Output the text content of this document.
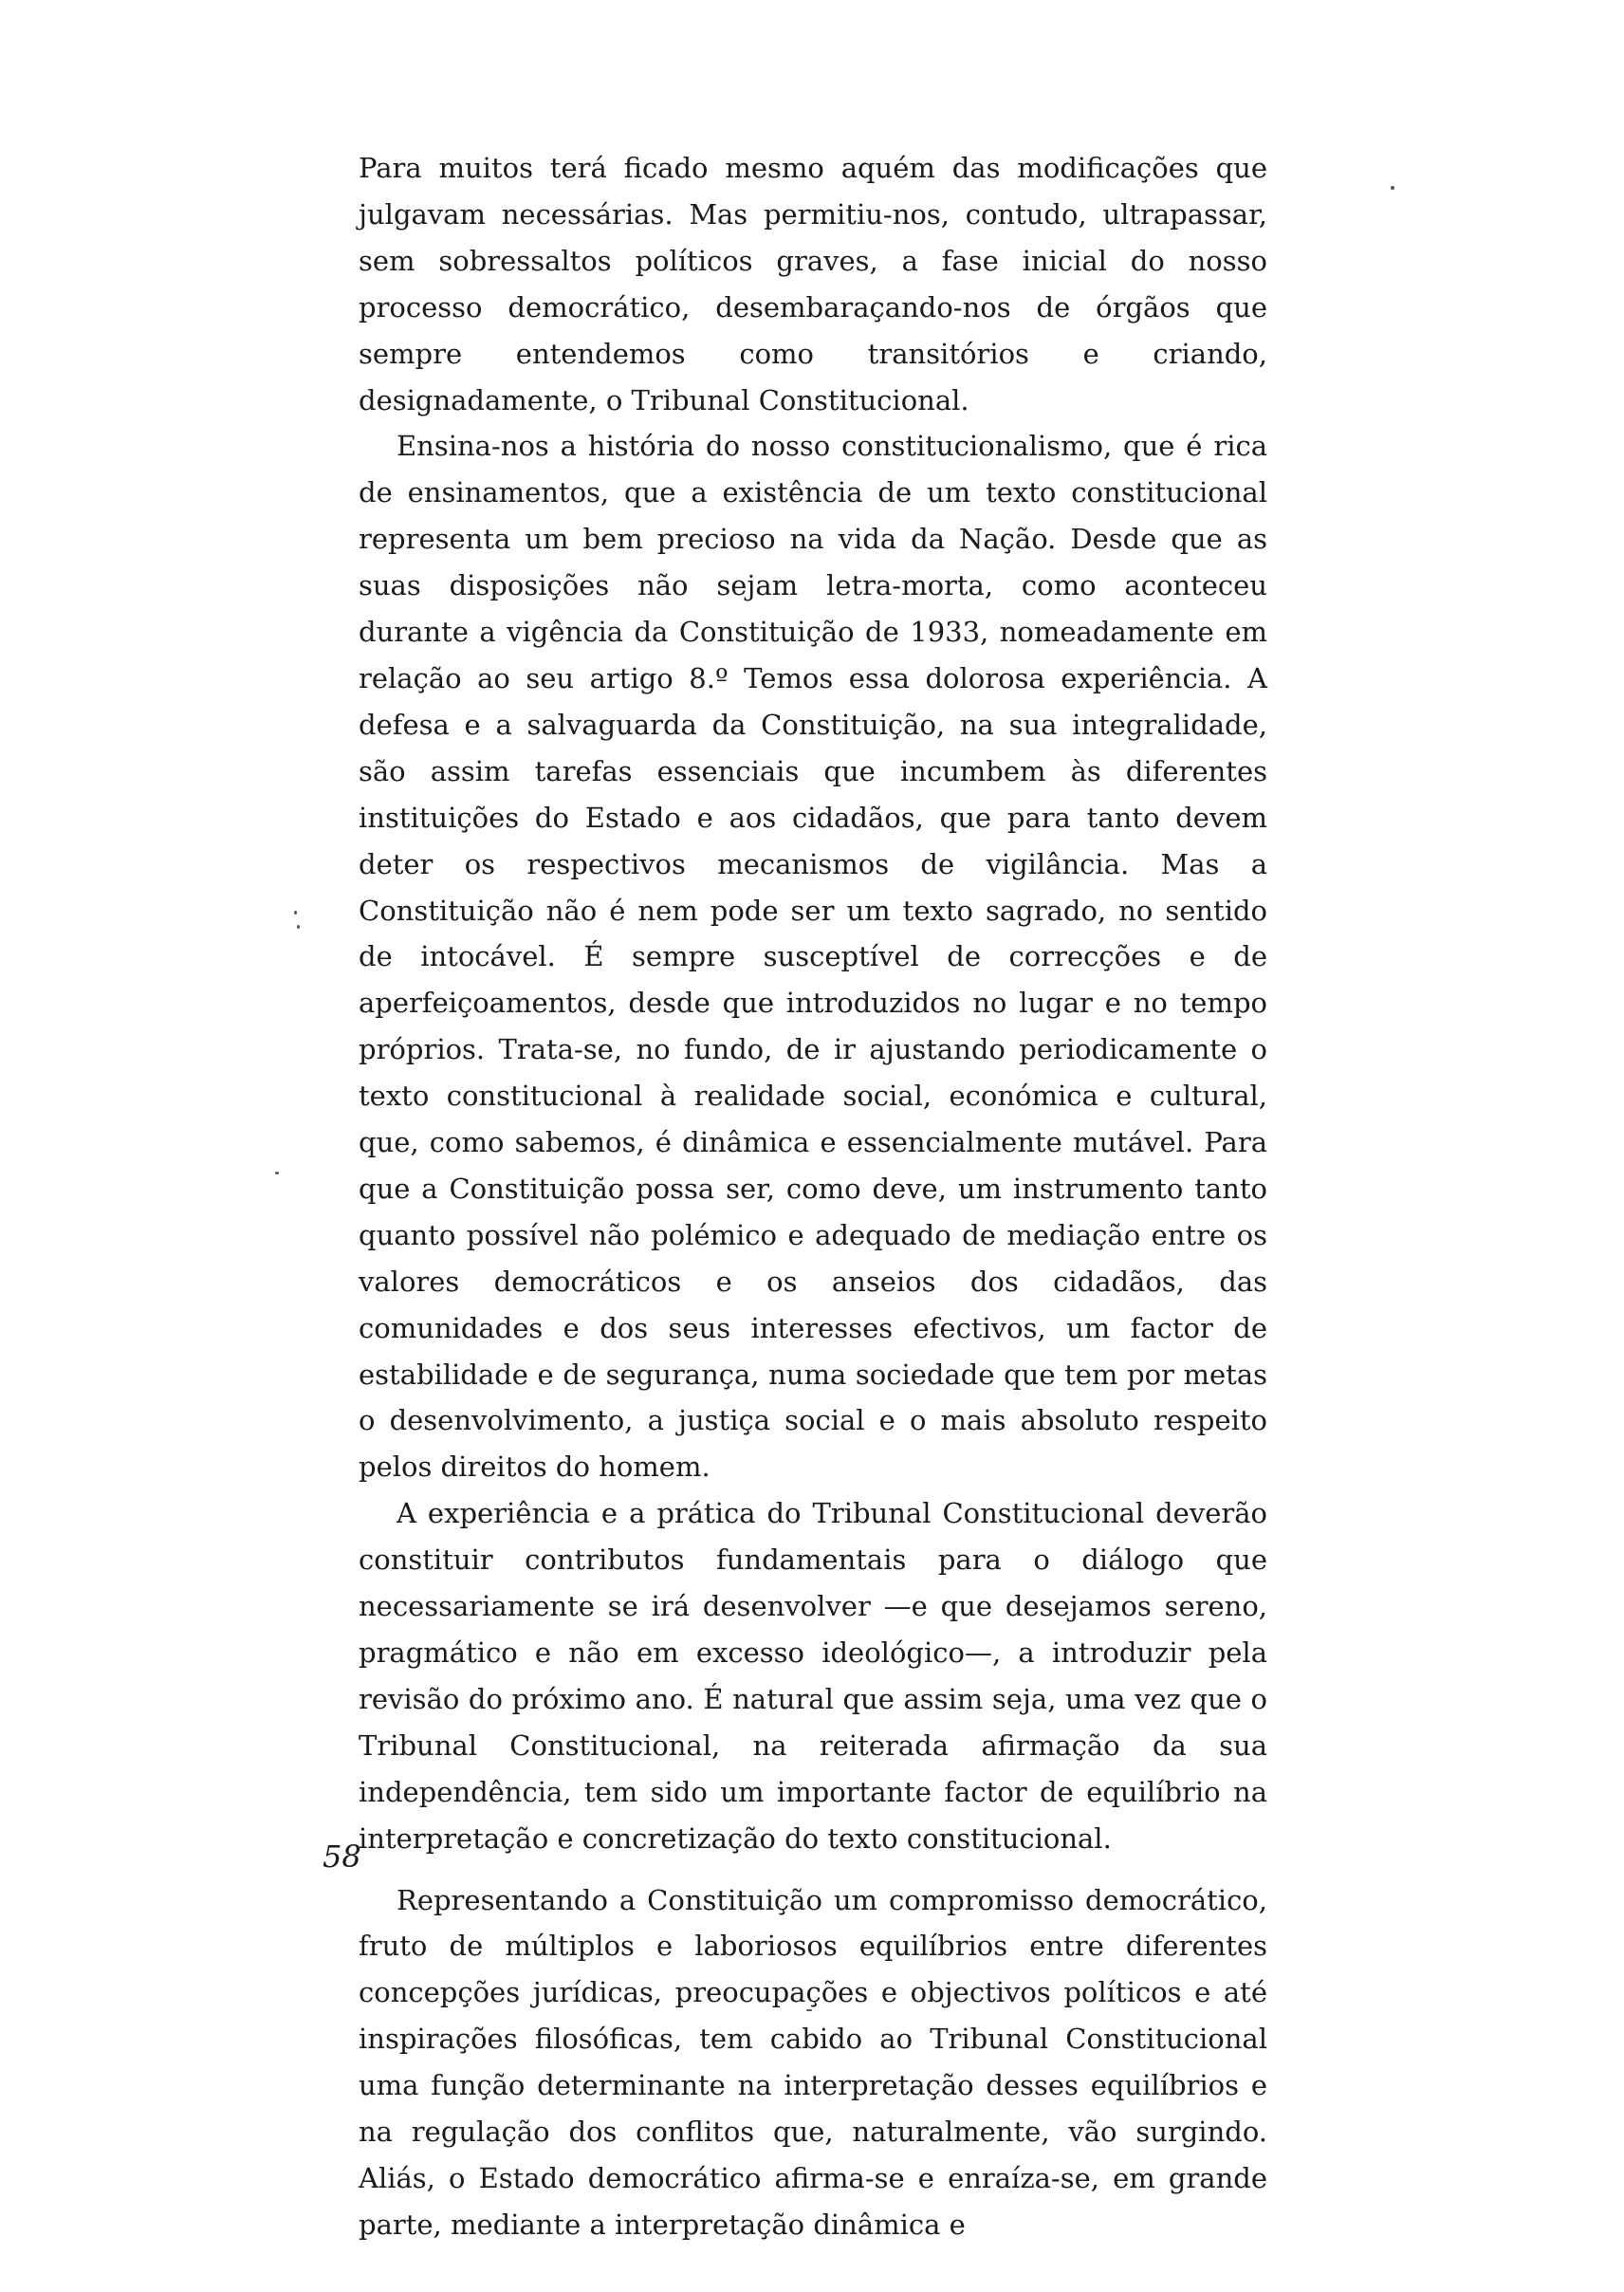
Para muitos terá ficado mesmo aquém das modificações que julgavam necessárias. Mas permitiu-nos, contudo, ultrapassar, sem sobressaltos políticos graves, a fase inicial do nosso processo democrático, desembaraçando-nos de órgãos que sempre entendemos como transitórios e criando, designadamente, o Tribunal Constitucional.

Ensina-nos a história do nosso constitucionalismo, que é rica de ensinamentos, que a existência de um texto constitucional representa um bem precioso na vida da Nação. Desde que as suas disposições não sejam letra-morta, como aconteceu durante a vigência da Constituição de 1933, nomeadamente em relação ao seu artigo 8.º Temos essa dolorosa experiência. A defesa e a salvaguarda da Constituição, na sua integralidade, são assim tarefas essenciais que incumbem às diferentes instituições do Estado e aos cidadãos, que para tanto devem deter os respectivos mecanismos de vigilância. Mas a Constituição não é nem pode ser um texto sagrado, no sentido de intocável. É sempre susceptível de correcções e de aperfeiçoamentos, desde que introduzidos no lugar e no tempo próprios. Trata-se, no fundo, de ir ajustando periodicamente o texto constitucional à realidade social, económica e cultural, que, como sabemos, é dinâmica e essencialmente mutável. Para que a Constituição possa ser, como deve, um instrumento tanto quanto possível não polémico e adequado de mediação entre os valores democráticos e os anseios dos cidadãos, das comunidades e dos seus interesses efectivos, um factor de estabilidade e de segurança, numa sociedade que tem por metas o desenvolvimento, a justiça social e o mais absoluto respeito pelos direitos do homem.

A experiência e a prática do Tribunal Constitucional deverão constituir contributos fundamentais para o diálogo que necessariamente se irá desenvolver —e que desejamos sereno, pragmático e não em excesso ideológico—, a introduzir pela revisão do próximo ano. É natural que assim seja, uma vez que o Tribunal Constitucional, na reiterada afirmação da sua independência, tem sido um importante factor de equilíbrio na interpretação e concretização do texto constitucional.

Representando a Constituição um compromisso democrático, fruto de múltiplos e laboriosos equilíbrios entre diferentes concepções jurídicas, preocupações e objectivos políticos e até inspirações filosóficas, tem cabido ao Tribunal Constitucional uma função determinante na interpretação desses equilíbrios e na regulação dos conflitos que, naturalmente, vão surgindo. Aliás, o Estado democrático afirma-se e enraíza-se, em grande parte, mediante a interpretação dinâmica e

58
